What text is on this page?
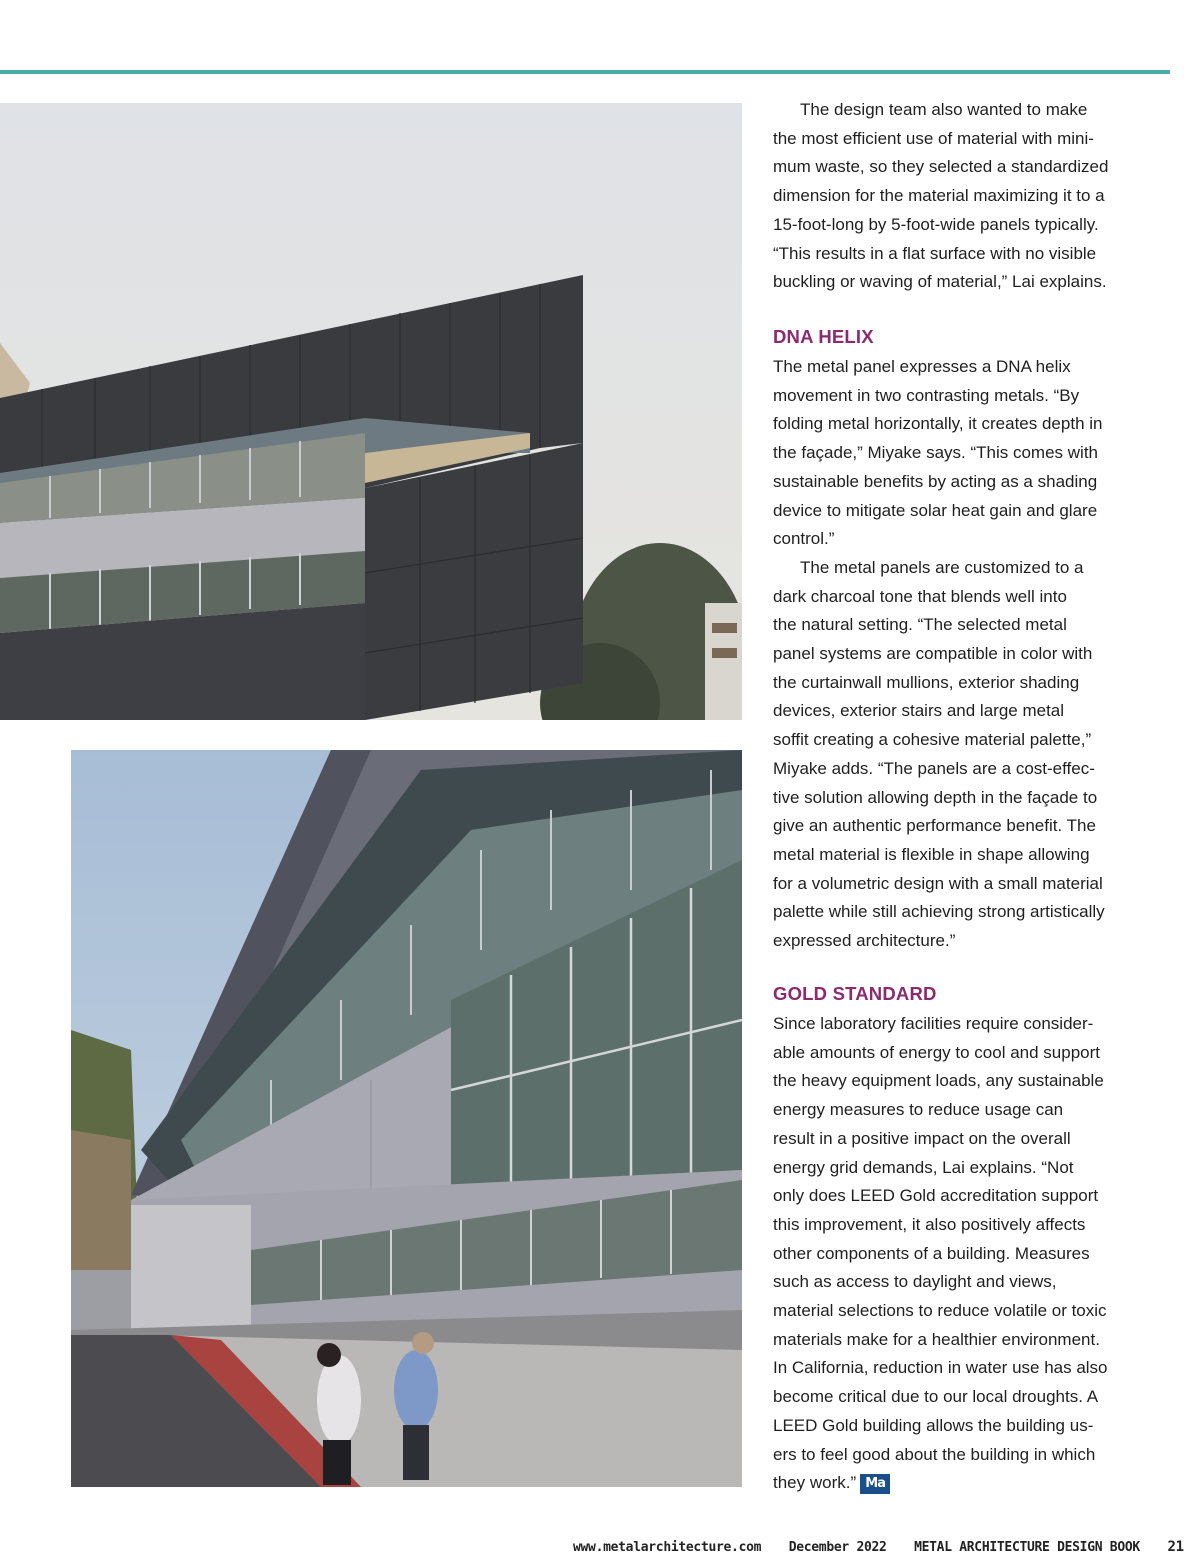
The design team also wanted to make
the most efficient use of material with mini-
mum waste, so they selected a standardized
dimension for the material maximizing it to a
15-foot-long by 5-foot-wide panels typically.
“This results in a flat surface with no visible
buckling or waving of material,” Lai explains.

DNA HELIX

The metal panel expresses a DNA helix
movement in two contrasting metals. “By
folding metal horizontally, it creates depth in
the façade,” Miyake says. “This comes with
sustainable benefits by acting as a shading
device to mitigate solar heat gain and glare
control.”

The metal panels are customized to a
dark charcoal tone that blends well into
the natural setting. “The selected metal
panel systems are compatible in color with
the curtainwall mullions, exterior shading
devices, exterior stairs and large metal
soffit creating a cohesive material palette,”
Miyake adds. “The panels are a cost-effec-
tive solution allowing depth in the façade to
give an authentic performance benefit. The
metal material is flexible in shape allowing
for a volumetric design with a small material
palette while still achieving strong artistically
expressed architecture.”

GOLD STANDARD

Since laboratory facilities require consider-
able amounts of energy to cool and support
the heavy equipment loads, any sustainable
energy measures to reduce usage can
result in a positive impact on the overall
energy grid demands, Lai explains. “Not
only does LEED Gold accreditation support
this improvement, it also positively affects
other components of a building. Measures
such as access to daylight and views,
material selections to reduce volatile or toxic
materials make for a healthier environment.
In California, reduction in water use has also
become critical due to our local droughts. A
LEED Gold building allows the building us-
ers to feel good about the building in which
they work.” Ma

www.metalarchitecture.com December 2022 METAL ARCHITECTURE DESIGN BOOK 21
